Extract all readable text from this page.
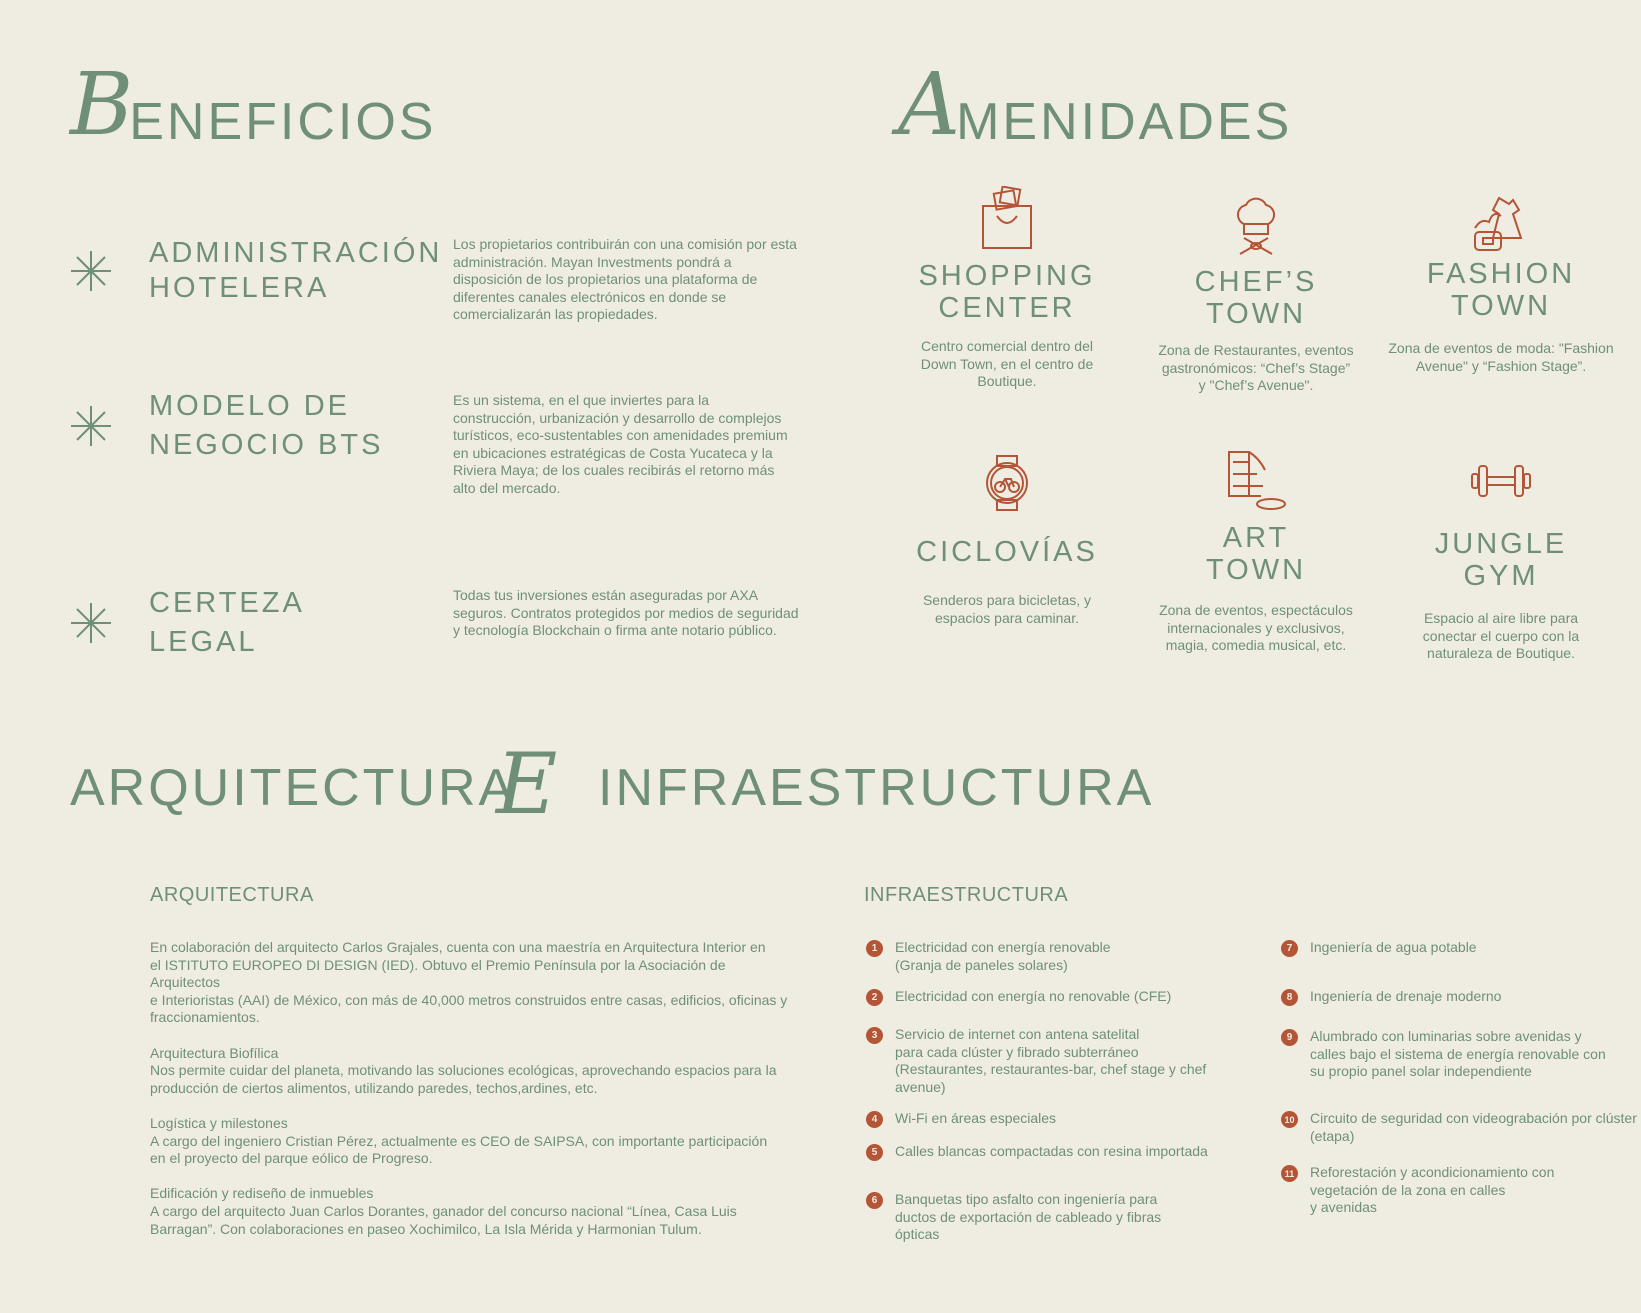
BENEFICIOS
ADMINISTRACIÓN
HOTELERA
Los propietarios contribuirán con una comisión por esta administración. Mayan Investments pondrá a disposición de los propietarios una plataforma de diferentes canales electrónicos en donde se comercializarán las propiedades.
MODELO DE
NEGOCIO BTS
Es un sistema, en el que inviertes para la construcción, urbanización y desarrollo de complejos turísticos, eco-sustentables con amenidades premium en ubicaciones estratégicas de Costa Yucateca y la Riviera Maya; de los cuales recibirás el retorno más alto del mercado.
CERTEZA
LEGAL
Todas tus inversiones están aseguradas por AXA seguros. Contratos protegidos por medios de seguridad y tecnología Blockchain o firma ante notario público.
AMENIDADES
SHOPPING
CENTER
Centro comercial dentro del Down Town, en el centro de Boutique.
CHEF’S
TOWN
Zona de Restaurantes, eventos gastronómicos: “Chef’s Stage” y "Chef’s Avenue".
FASHION
TOWN
Zona de eventos de moda: "Fashion Avenue" y “Fashion Stage”.
CICLOVÍAS
Senderos para bicicletas, y espacios para caminar.
ART
TOWN
Zona de eventos, espectáculos internacionales y exclusivos, magia, comedia musical, etc.
JUNGLE
GYM
Espacio al aire libre para conectar el cuerpo con la naturaleza de Boutique.
ARQUITECTURA
E INFRAESTRUCTURA
ARQUITECTURA

En colaboración del arquitecto Carlos Grajales, cuenta con una maestría en Arquitectura Interior en
el ISTITUTO EUROPEO DI DESIGN (IED). Obtuvo el Premio Península por la Asociación de Arquitectos
e Interioristas (AAI) de México, con más de 40,000 metros construidos entre casas, edificios, oficinas y
fraccionamientos.

Arquitectura Biofílica
Nos permite cuidar del planeta, motivando las soluciones ecológicas, aprovechando espacios para la
producción de ciertos alimentos, utilizando paredes, techos,ardines, etc.

Logística y milestones
A cargo del ingeniero Cristian Pérez, actualmente es CEO de SAIPSA, con importante participación
en el proyecto del parque eólico de Progreso.

Edificación y rediseño de inmuebles
A cargo del arquitecto Juan Carlos Dorantes, ganador del concurso nacional “Línea, Casa Luis
Barragan”. Con colaboraciones en paseo Xochimilco, La Isla Mérida y Harmonian Tulum.

INFRAESTRUCTURA
1	Electricidad con energía renovable
(Granja de paneles solares)
2	Electricidad con energía no renovable (CFE)
3	Servicio de internet con antena satelital
para cada clúster y fibrado subterráneo
(Restaurantes, restaurantes-bar, chef stage y chef
avenue)
4	Wi-Fi en áreas especiales
5	Calles blancas compactadas con resina importada
6	Banquetas tipo asfalto con ingeniería para
ductos de exportación de cableado y fibras
ópticas
7	Ingeniería de agua potable
8	Ingeniería de drenaje moderno
9	Alumbrado con luminarias sobre avenidas y
calles bajo el sistema de energía renovable con
su propio panel solar independiente
10 Circuito de seguridad con videograbación por clúster
(etapa)
11 Reforestación y acondicionamiento con
vegetación de la zona en calles
y avenidas
